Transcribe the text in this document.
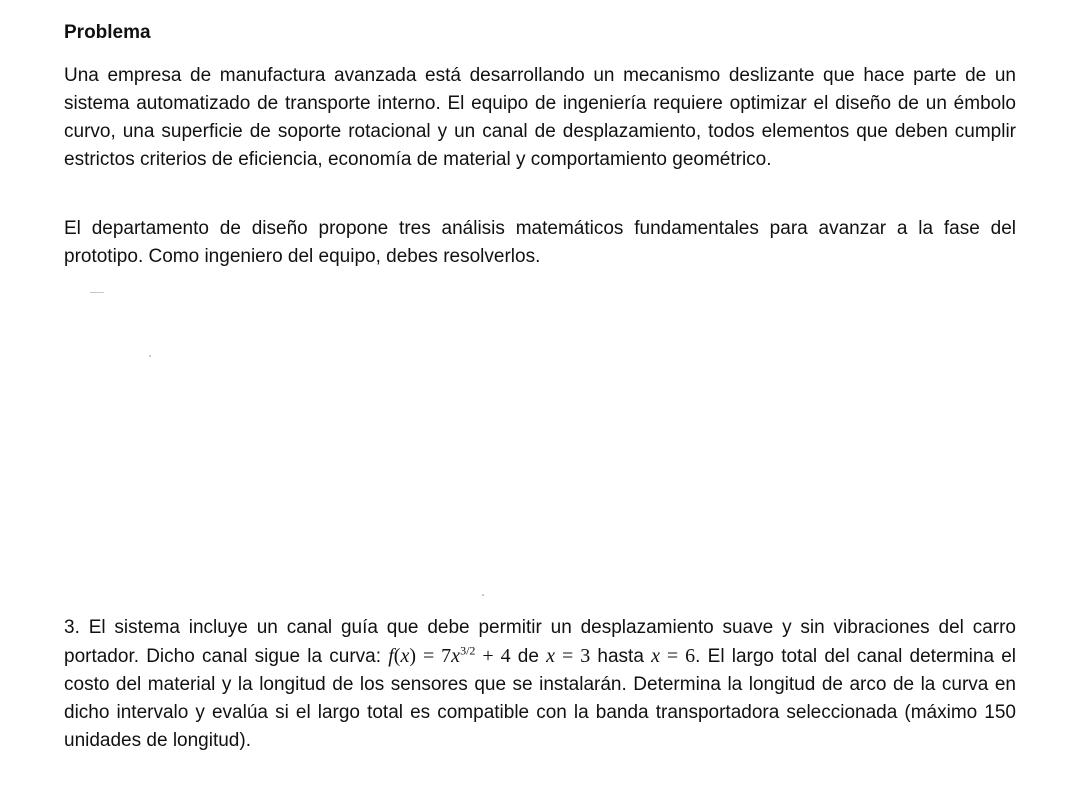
Problema

Una empresa de manufactura avanzada está desarrollando un mecanismo deslizante que hace parte de un sistema automatizado de transporte interno. El equipo de ingeniería requiere optimizar el diseño de un émbolo curvo, una superficie de soporte rotacional y un canal de desplazamiento, todos elementos que deben cumplir estrictos criterios de eficiencia, economía de material y comportamiento geométrico.

El departamento de diseño propone tres análisis matemáticos fundamentales para avanzar a la fase del prototipo. Como ingeniero del equipo, debes resolverlos.

3. El sistema incluye un canal guía que debe permitir un desplazamiento suave y sin vibraciones del carro portador. Dicho canal sigue la curva: $f(x) = 7x^{3/2} + 4$ de x = 3 hasta x = 6. El largo total del canal determina el costo del material y la longitud de los sensores que se instalarán. Determina la longitud de arco de la curva en dicho intervalo y evalúa si el largo total es compatible con la banda transportadora seleccionada (máximo 150 unidades de longitud).
